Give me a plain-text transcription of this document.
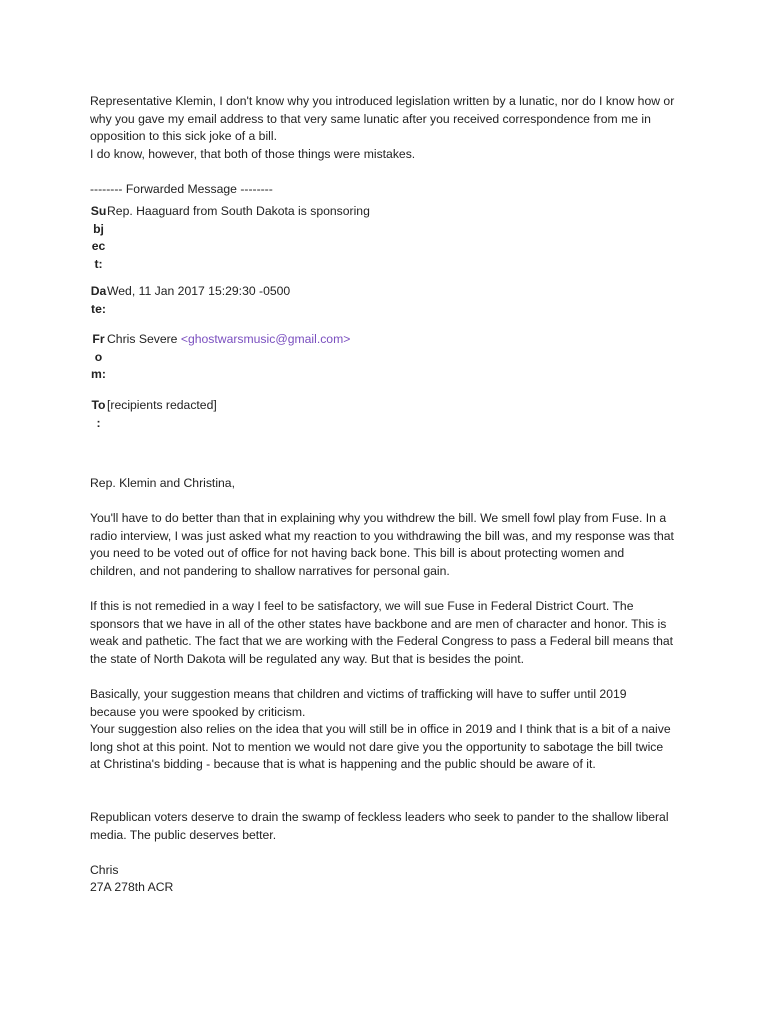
Representative Klemin, I don't know why you introduced legislation written by a lunatic, nor do I know how or
why you gave my email address to that very same lunatic after you received correspondence from me in
opposition to this sick joke of a bill.
I do know, however, that both of those things were mistakes.
-------- Forwarded Message --------
Su
bj
ec
t:	Rep. Haaguard from South Dakota is sponsoring

Da
te:	Wed, 11 Jan 2017 15:29:30 -0500

Fr
o
m:	Chris Severe <ghostwarsmusic@gmail.com>

To
:	[recipients redacted]
Rep. Klemin and Christina,
You'll have to do better than that in explaining why you withdrew the bill. We smell fowl play from Fuse. In a
radio interview, I was just asked what my reaction to you withdrawing the bill was, and my response was that
you need to be voted out of office for not having back bone. This bill is about protecting women and
children, and not pandering to shallow narratives for personal gain.
If this is not remedied in a way I feel to be satisfactory, we will sue Fuse in Federal District Court. The
sponsors that we have in all of the other states have backbone and are men of character and honor. This is
weak and pathetic. The fact that we are working with the Federal Congress to pass a Federal bill means that
the state of North Dakota will be regulated any way. But that is besides the point.
Basically, your suggestion means that children and victims of trafficking will have to suffer until 2019
because you were spooked by criticism.
Your suggestion also relies on the idea that you will still be in office in 2019 and I think that is a bit of a naive
long shot at this point. Not to mention we would not dare give you the opportunity to sabotage the bill twice
at Christina's bidding - because that is what is happening and the public should be aware of it.
Republican voters deserve to drain the swamp of feckless leaders who seek to pander to the shallow liberal
media. The public deserves better.
Chris
27A 278th ACR
